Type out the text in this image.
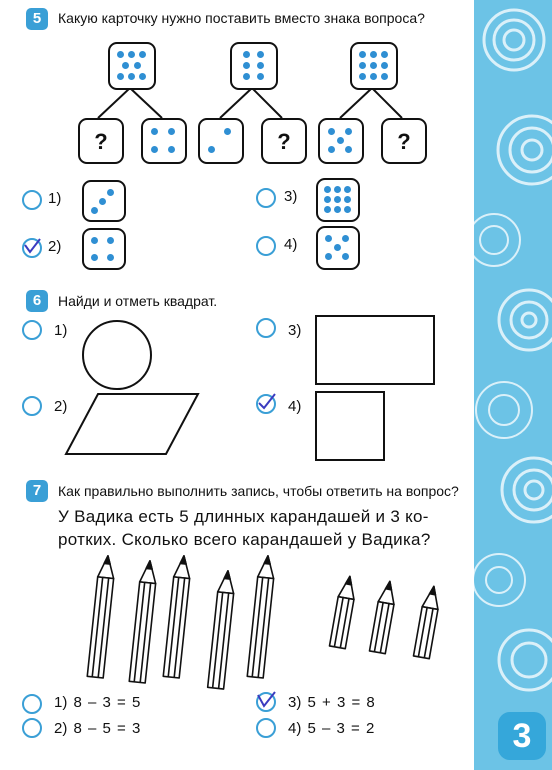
3
5	Какую карточку нужно поставить вместо знака вопроса?
?	?	?
1)
2)
3)
4)
6	Найди и отметь квадрат.
1)
2)
3)
4)
7	Как правильно выполнить запись, чтобы ответить на вопрос?
У Вадика есть 5 длинных карандашей и 3 ко-
ротких. Сколько всего карандашей у Вадика?
1) 8 – 3 = 5
2) 8 – 5 = 3
3) 5 + 3 = 8
4) 5 – 3 = 2
